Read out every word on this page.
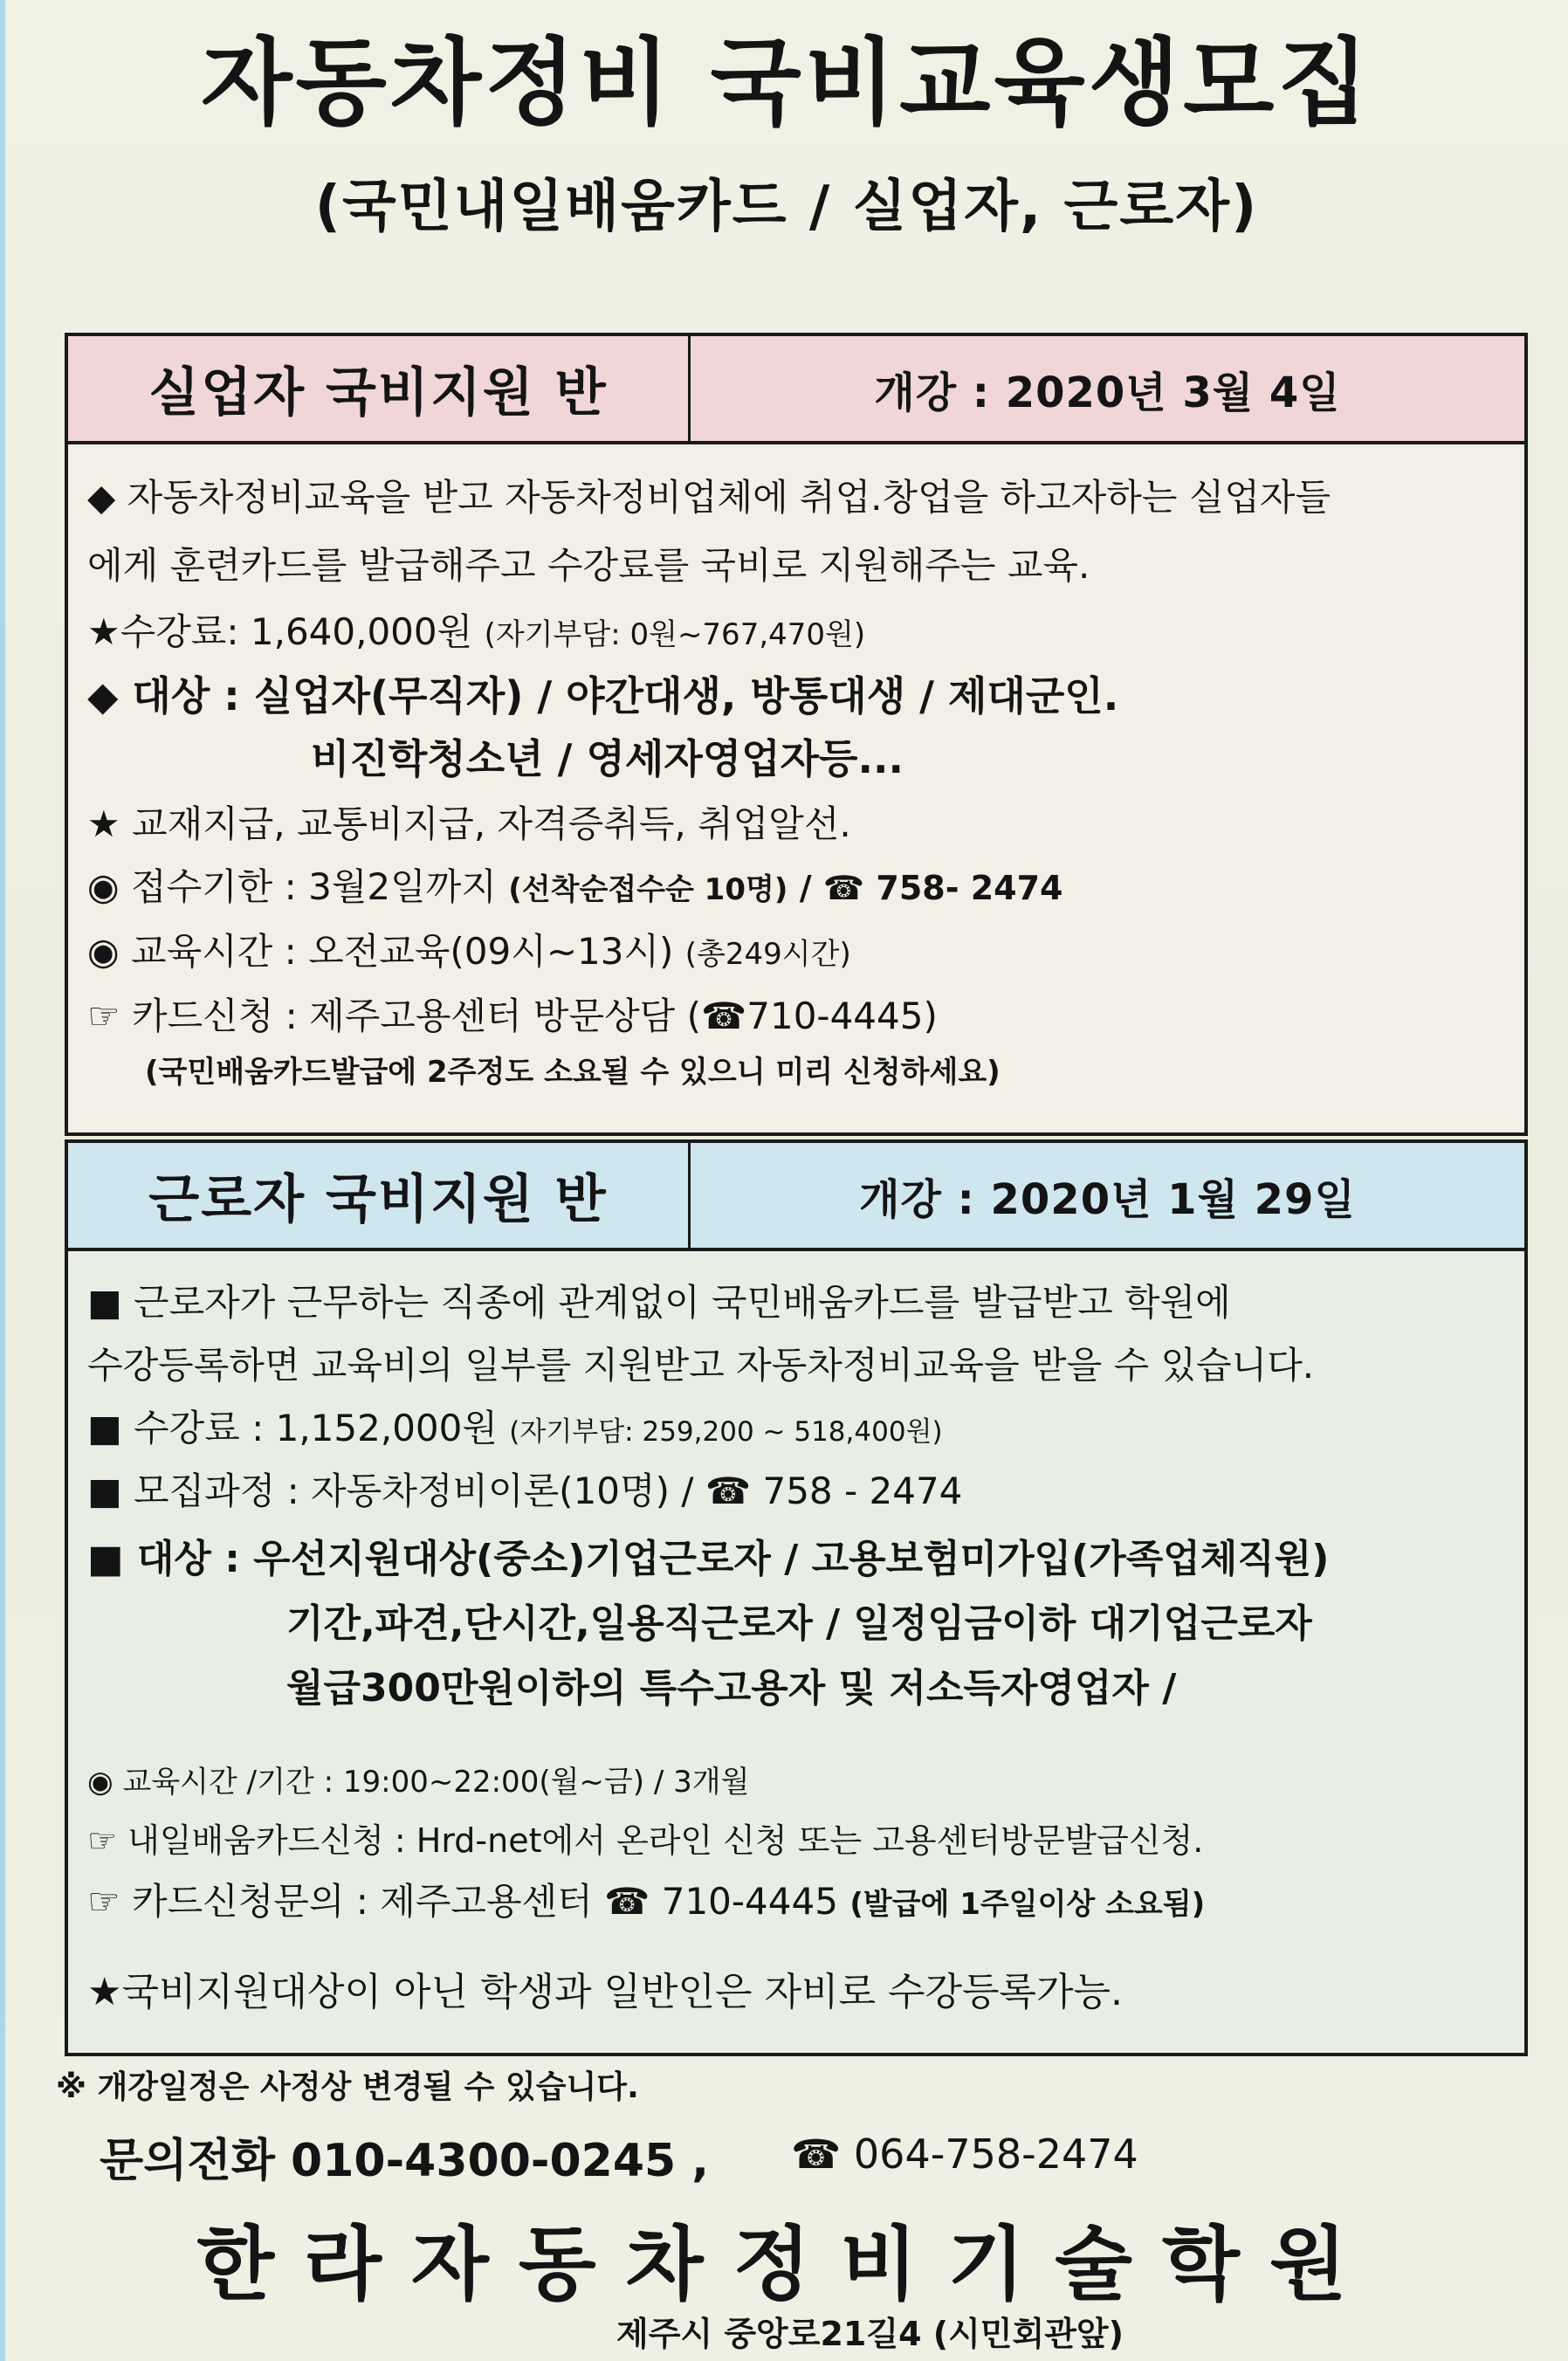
자동차정비 국비교육생모집
(국민내일배움카드 / 실업자, 근로자)
실업자 국비지원 반	개강 : 2020년 3월 4일
◆ 자동차정비교육을 받고 자동차정비업체에 취업.창업을 하고자하는 실업자들
에게 훈련카드를 발급해주고 수강료를 국비로 지원해주는 교육.
★수강료: 1,640,000원 (자기부담: 0원~767,470원)
◆ 대상 : 실업자(무직자) / 야간대생, 방통대생 / 제대군인.
비진학청소년 / 영세자영업자등...
★ 교재지급, 교통비지급, 자격증취득, 취업알선.
◉ 접수기한 : 3월2일까지 (선착순접수순 10명) / ☎ 758- 2474
◉ 교육시간 : 오전교육(09시~13시) (총249시간)
☞ 카드신청 : 제주고용센터 방문상담 (☎710-4445)
(국민배움카드발급에 2주정도 소요될 수 있으니 미리 신청하세요)
근로자 국비지원 반	개강 : 2020년 1월 29일
■ 근로자가 근무하는 직종에 관계없이 국민배움카드를 발급받고 학원에
수강등록하면 교육비의 일부를 지원받고 자동차정비교육을 받을 수 있습니다.
■ 수강료 : 1,152,000원 (자기부담: 259,200 ~ 518,400원)
■ 모집과정 : 자동차정비이론(10명) / ☎ 758 - 2474
■ 대상 : 우선지원대상(중소)기업근로자 / 고용보험미가입(가족업체직원)
기간,파견,단시간,일용직근로자 / 일정임금이하 대기업근로자
월급300만원이하의 특수고용자 및 저소득자영업자 /
◉ 교육시간 /기간 : 19:00~22:00(월~금) / 3개월
☞ 내일배움카드신청 : Hrd-net에서 온라인 신청 또는 고용센터방문발급신청.
☞ 카드신청문의 : 제주고용센터 ☎ 710-4445 (발급에 1주일이상 소요됨)
★국비지원대상이 아닌 학생과 일반인은 자비로 수강등록가능.
※ 개강일정은 사정상 변경될 수 있습니다.
문의전화 010-4300-0245 , ☎ 064-758-2474
한라자동차정비기술학원
제주시 중앙로21길4 (시민회관앞)
